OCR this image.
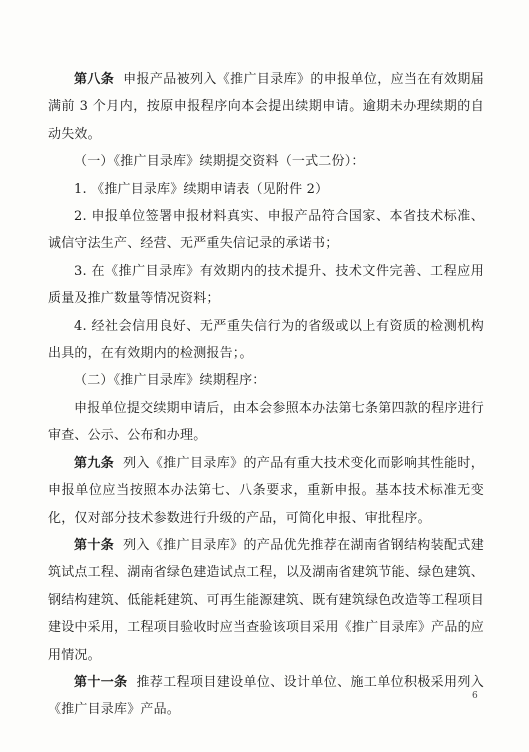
第八条 申报产品被列入《推广目录库》的申报单位，应当在有效期届满前 3 个月内，按原申报程序向本会提出续期申请。逾期未办理续期的自动失效。

（一）《推广目录库》续期提交资料（一式二份）：

1. 《推广目录库》续期申请表（见附件 2）

2. 申报单位签署申报材料真实、申报产品符合国家、本省技术标准、诚信守法生产、经营、无严重失信记录的承诺书；

3. 在《推广目录库》有效期内的技术提升、技术文件完善、工程应用质量及推广数量等情况资料；

4. 经社会信用良好、无严重失信行为的省级或以上有资质的检测机构出具的，在有效期内的检测报告；。

（二）《推广目录库》续期程序：

申报单位提交续期申请后，由本会参照本办法第七条第四款的程序进行审查、公示、公布和办理。

第九条 列入《推广目录库》的产品有重大技术变化而影响其性能时，申报单位应当按照本办法第七、八条要求，重新申报。基本技术标准无变化，仅对部分技术参数进行升级的产品，可简化申报、审批程序。

第十条 列入《推广目录库》的产品优先推荐在湖南省钢结构装配式建筑试点工程、湖南省绿色建造试点工程，以及湖南省建筑节能、绿色建筑、钢结构建筑、低能耗建筑、可再生能源建筑、既有建筑绿色改造等工程项目建设中采用，工程项目验收时应当查验该项目采用《推广目录库》产品的应用情况。

第十一条 推荐工程项目建设单位、设计单位、施工单位积极采用列入《推广目录库》产品。

6
